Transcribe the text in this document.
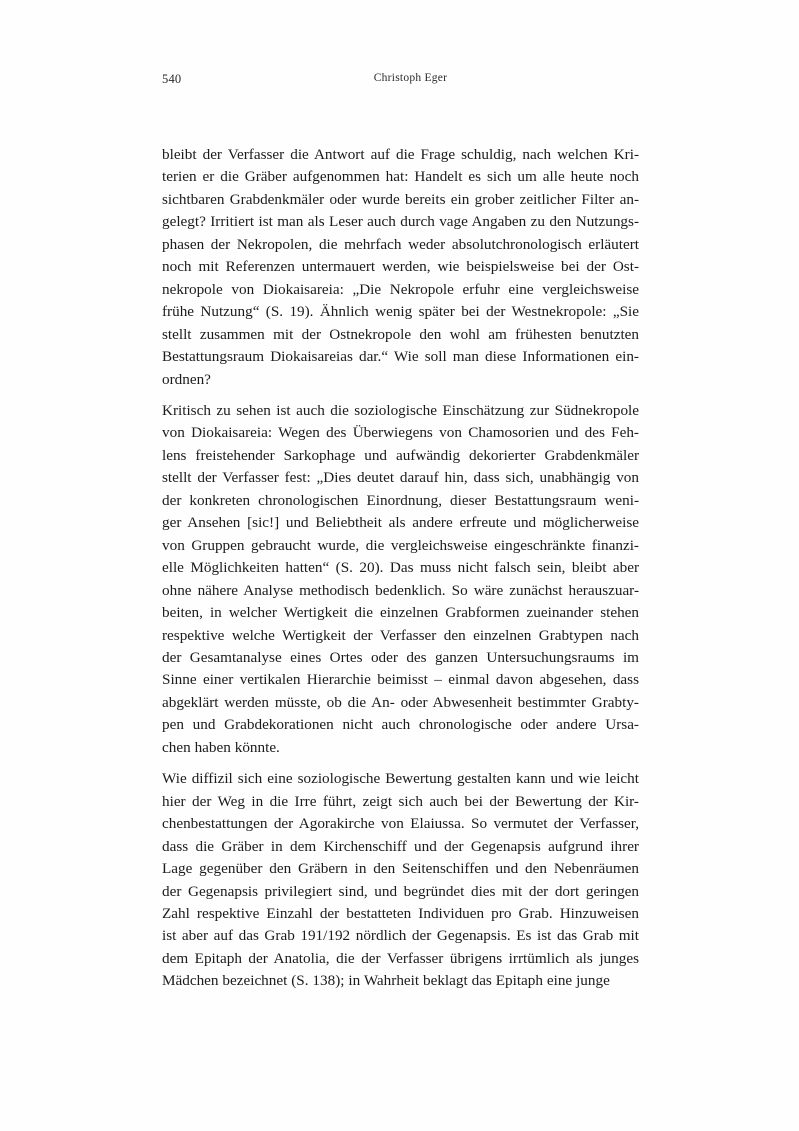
540	Christoph Eger

bleibt der Verfasser die Antwort auf die Frage schuldig, nach welchen Kri-
terien er die Gräber aufgenommen hat: Handelt es sich um alle heute noch
sichtbaren Grabdenkmäler oder wurde bereits ein grober zeitlicher Filter an-
gelegt? Irritiert ist man als Leser auch durch vage Angaben zu den Nutzungs-
phasen der Nekropolen, die mehrfach weder absolutchronologisch erläutert
noch mit Referenzen untermauert werden, wie beispielsweise bei der Ost-
nekropole von Diokaisareia: „Die Nekropole erfuhr eine vergleichsweise
frühe Nutzung“ (S. 19). Ähnlich wenig später bei der Westnekropole: „Sie
stellt zusammen mit der Ostnekropole den wohl am frühesten benutzten
Bestattungsraum Diokaisareias dar.“ Wie soll man diese Informationen ein-
ordnen?

Kritisch zu sehen ist auch die soziologische Einschätzung zur Südnekropole
von Diokaisareia: Wegen des Überwiegens von Chamosorien und des Feh-
lens freistehender Sarkophage und aufwändig dekorierter Grabdenkmäler
stellt der Verfasser fest: „Dies deutet darauf hin, dass sich, unabhängig von
der konkreten chronologischen Einordnung, dieser Bestattungsraum weni-
ger Ansehen [sic!] und Beliebtheit als andere erfreute und möglicherweise
von Gruppen gebraucht wurde, die vergleichsweise eingeschränkte finanzi-
elle Möglichkeiten hatten“ (S. 20). Das muss nicht falsch sein, bleibt aber
ohne nähere Analyse methodisch bedenklich. So wäre zunächst herauszuar-
beiten, in welcher Wertigkeit die einzelnen Grabformen zueinander stehen
respektive welche Wertigkeit der Verfasser den einzelnen Grabtypen nach
der Gesamtanalyse eines Ortes oder des ganzen Untersuchungsraums im
Sinne einer vertikalen Hierarchie beimisst – einmal davon abgesehen, dass
abgeklärt werden müsste, ob die An- oder Abwesenheit bestimmter Grabty-
pen und Grabdekorationen nicht auch chronologische oder andere Ursa-
chen haben könnte.

Wie diffizil sich eine soziologische Bewertung gestalten kann und wie leicht
hier der Weg in die Irre führt, zeigt sich auch bei der Bewertung der Kir-
chenbestattungen der Agorakirche von Elaiussa. So vermutet der Verfasser,
dass die Gräber in dem Kirchenschiff und der Gegenapsis aufgrund ihrer
Lage gegenüber den Gräbern in den Seitenschiffen und den Nebenräumen
der Gegenapsis privilegiert sind, und begründet dies mit der dort geringen
Zahl respektive Einzahl der bestatteten Individuen pro Grab. Hinzuweisen
ist aber auf das Grab 191/192 nördlich der Gegenapsis. Es ist das Grab mit
dem Epitaph der Anatolia, die der Verfasser übrigens irrtümlich als junges
Mädchen bezeichnet (S. 138); in Wahrheit beklagt das Epitaph eine junge
